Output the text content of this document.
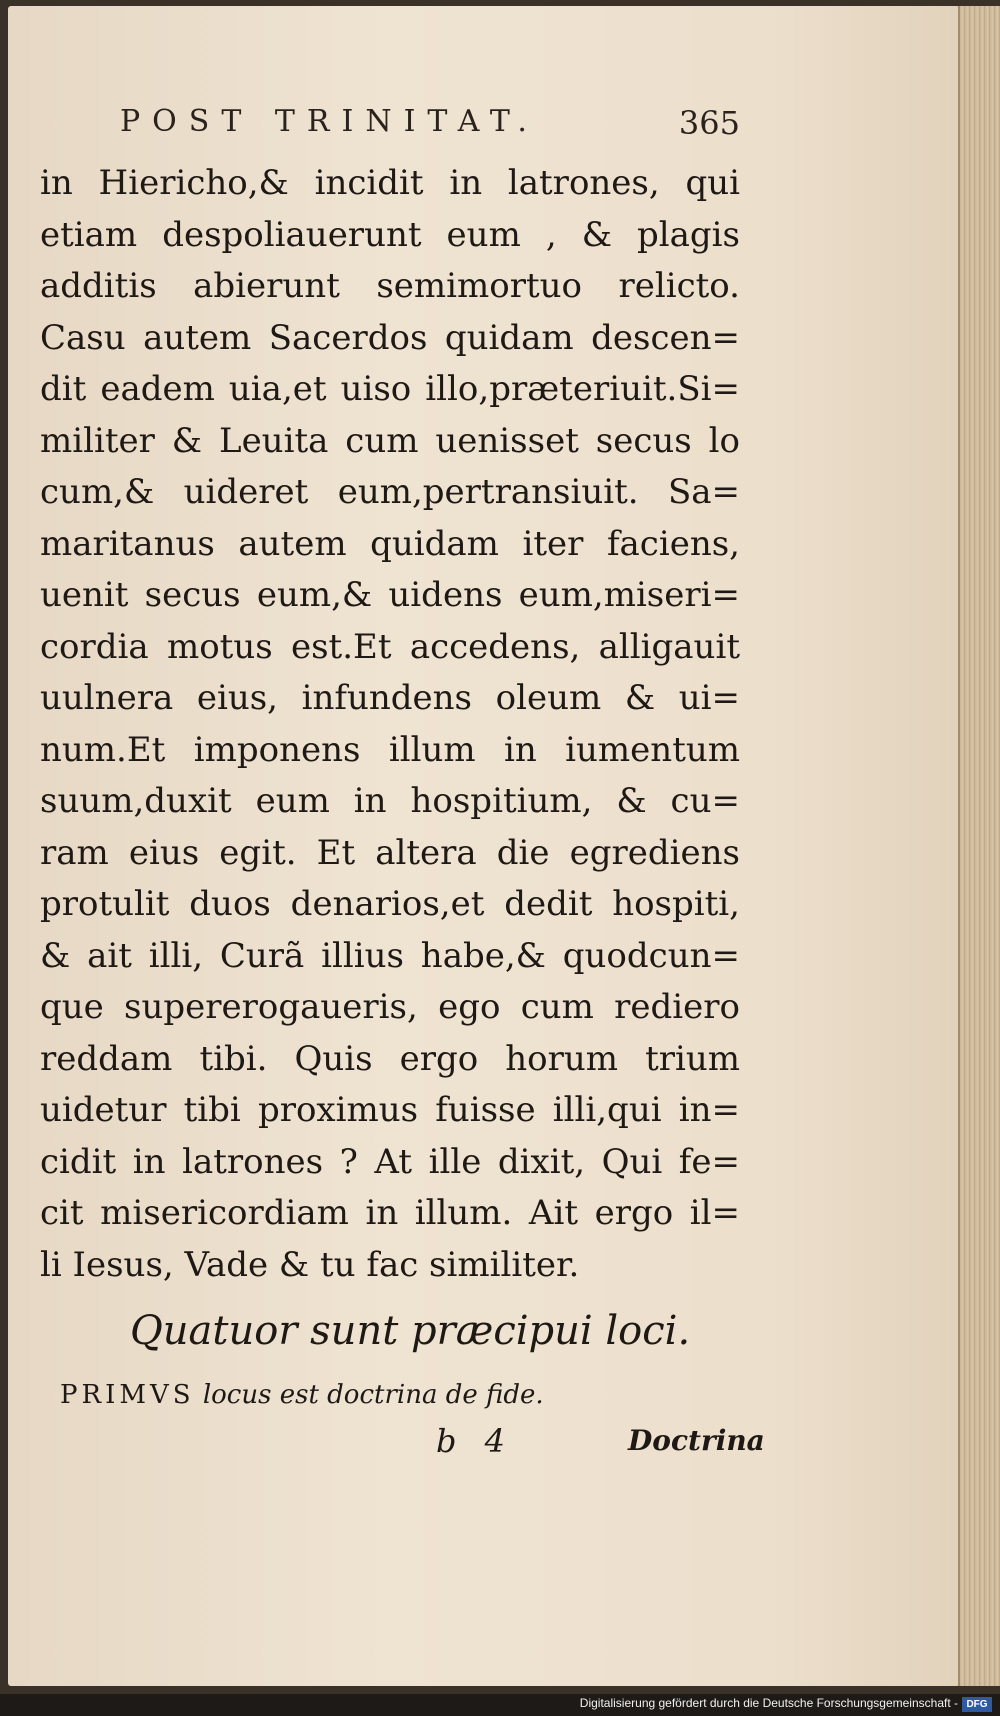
POST TRINITAT.	365
in Hiericho,& incidit in latrones, qui
etiam despoliauerunt eum , & plagis
additis abierunt semimortuo relicto.
Casu autem Sacerdos quidam descen=
dit eadem uia,et uiso illo,præteriuit.Si=
militer & Leuita cum uenisset secus lo
cum,& uideret eum,pertransiuit. Sa=
maritanus autem quidam iter faciens,
uenit secus eum,& uidens eum,miseri=
cordia motus est.Et accedens, alligauit
uulnera eius, infundens oleum & ui=
num.Et imponens illum in iumentum
suum,duxit eum in hospitium, & cu=
ram eius egit. Et altera die egrediens
protulit duos denarios,et dedit hospiti,
& ait illi, Curã illius habe,& quodcun=
que supererogaueris, ego cum rediero
reddam tibi. Quis ergo horum trium
uidetur tibi proximus fuisse illi,qui in=
cidit in latrones ? At ille dixit, Qui fe=
cit misericordiam in illum. Ait ergo il=
li Iesus, Vade & tu fac similiter.
Quatuor sunt præcipui loci.
PRIMVS locus est doctrina de fide.
b 4	Doctrina
Digitalisierung gefördert durch die Deutsche Forschungsgemeinschaft - DFG
